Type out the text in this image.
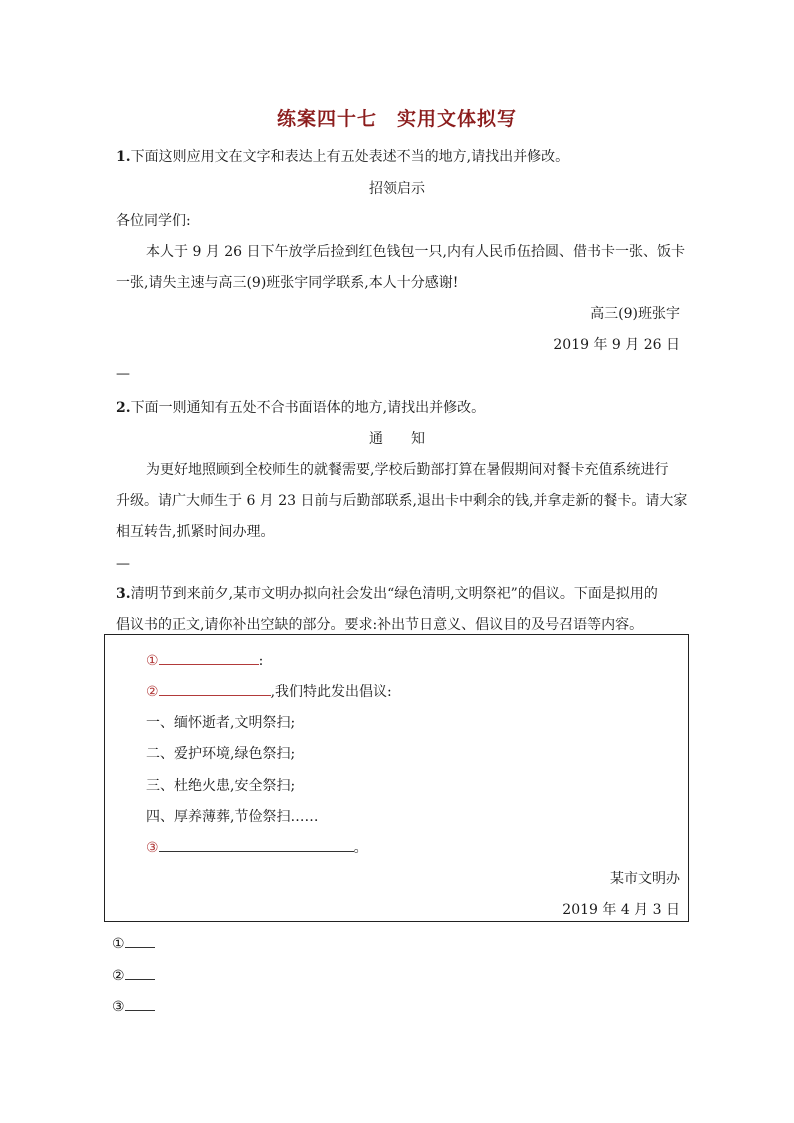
练案四十七　实用文体拟写
1.下面这则应用文在文字和表达上有五处表述不当的地方,请找出并修改。
招领启示
各位同学们:
本人于 9 月 26 日下午放学后捡到红色钱包一只,内有人民币伍拾圆、借书卡一张、饭卡
一张,请失主速与高三(9)班张宇同学联系,本人十分感谢!
高三(9)班张宇
2019 年 9 月 26 日
—
2.下面一则通知有五处不合书面语体的地方,请找出并修改。
通　　知
为更好地照顾到全校师生的就餐需要,学校后勤部打算在暑假期间对餐卡充值系统进行
升级。请广大师生于 6 月 23 日前与后勤部联系,退出卡中剩余的钱,并拿走新的餐卡。请大家
相互转告,抓紧时间办理。
—
3.清明节到来前夕,某市文明办拟向社会发出“绿色清明,文明祭祀”的倡议。下面是拟用的
倡议书的正文,请你补出空缺的部分。要求:补出节日意义、倡议目的及号召语等内容。
①	:
②	,我们特此发出倡议:
一、缅怀逝者,文明祭扫;
二、爱护环境,绿色祭扫;
三、杜绝火患,安全祭扫;
四、厚养薄葬,节俭祭扫……
③	。
某市文明办
2019 年 4 月 3 日
①
②
③
